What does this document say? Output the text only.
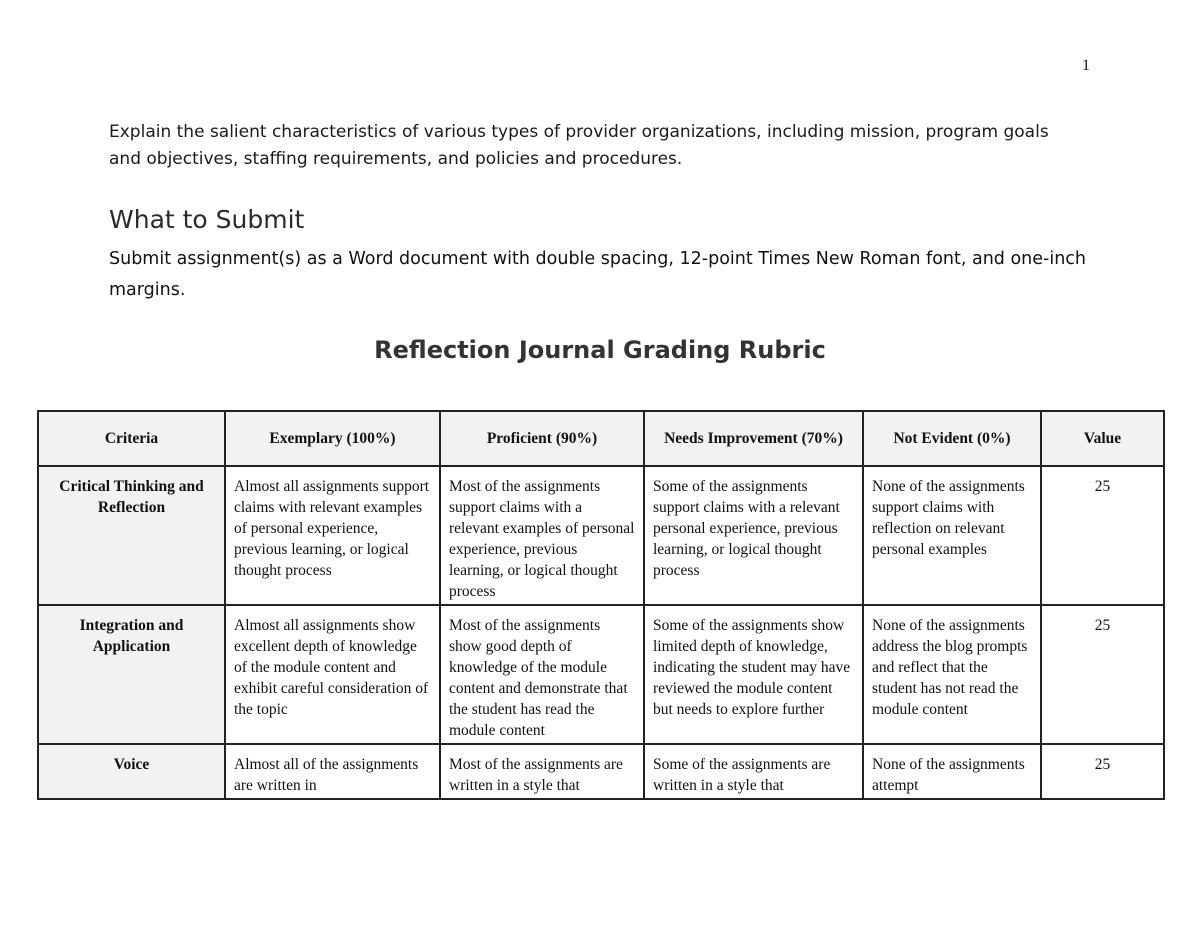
1

Explain the salient characteristics of various types of provider organizations, including mission, program goals and objectives, staffing requirements, and policies and procedures.

What to Submit

Submit assignment(s) as a Word document with double spacing, 12-point Times New Roman font, and one-inch margins.

Reflection Journal Grading Rubric
Criteria	Exemplary (100%)	Proficient (90%)	Needs Improvement (70%)	Not Evident (0%)	Value
Critical Thinking and Reflection	Almost all assignments support claims with relevant examples of personal experience, previous learning, or logical thought process	Most of the assignments support claims with a relevant examples of personal experience, previous learning, or logical thought process	Some of the assignments support claims with a relevant personal experience, previous learning, or logical thought process	None of the assignments support claims with reflection on relevant personal examples	25
Integration and Application	Almost all assignments show excellent depth of knowledge of the module content and exhibit careful consideration of the topic	Most of the assignments show good depth of knowledge of the module content and demonstrate that the student has read the module content	Some of the assignments show limited depth of knowledge, indicating the student may have reviewed the module content but needs to explore further	None of the assignments address the blog prompts and reflect that the student has not read the module content	25

Voice	Almost all of the assignments are written in	Most of the assignments are written in a style that	Some of the assignments are written in a style that	None of the assignments attempt	25
